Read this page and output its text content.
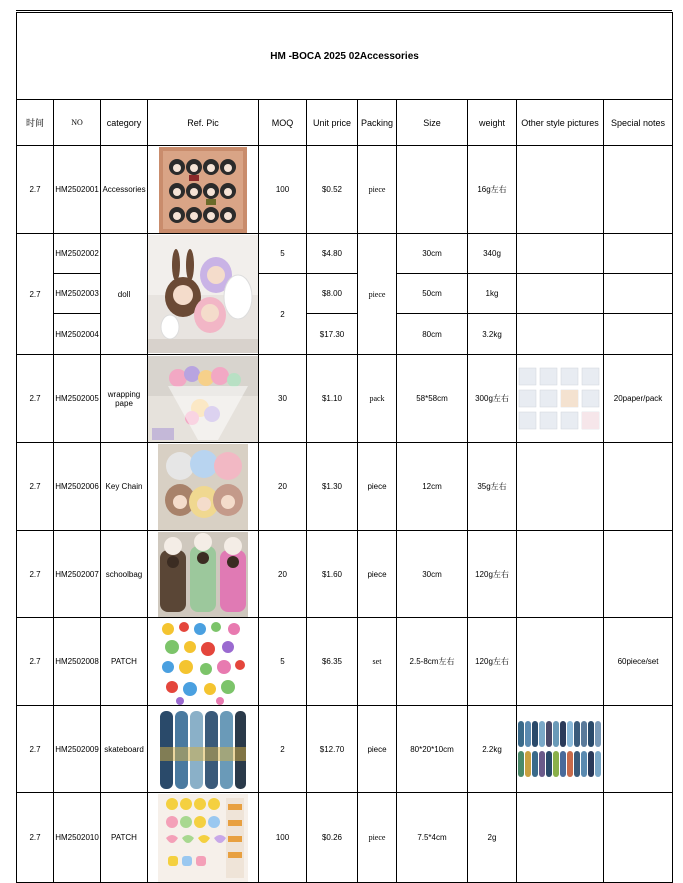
HM -BOCA 2025 02Accessories										
时间	NO	category	Ref. Pic	MOQ	Unit price	Packing	Size	weight	Other style pictures	Special notes
2.7	HM2502001	Accessories		100	$0.52	piece		16g左右		
2.7	HM2502002	doll		5	$4.80	piece	30cm	340g		
	HM2502003			2	$8.00		50cm	1kg		
	HM2502004				$17.30		80cm	3.2kg		
2.7	HM2502005	wrapping pape		30	$1.10	pack	58*58cm	300g左右		20paper/pack
2.7	HM2502006	Key Chain		20	$1.30	piece	12cm	35g左右		
2.7	HM2502007	schoolbag		20	$1.60	piece	30cm	120g左右		
2.7	HM2502008	PATCH		5	$6.35	set	2.5-8cm左右	120g左右		60piece/set
2.7	HM2502009	skateboard		2	$12.70	piece	80*20*10cm	2.2kg	

2.7	HM2502010	PATCH		100	$0.26	piece	7.5*4cm	2g		
